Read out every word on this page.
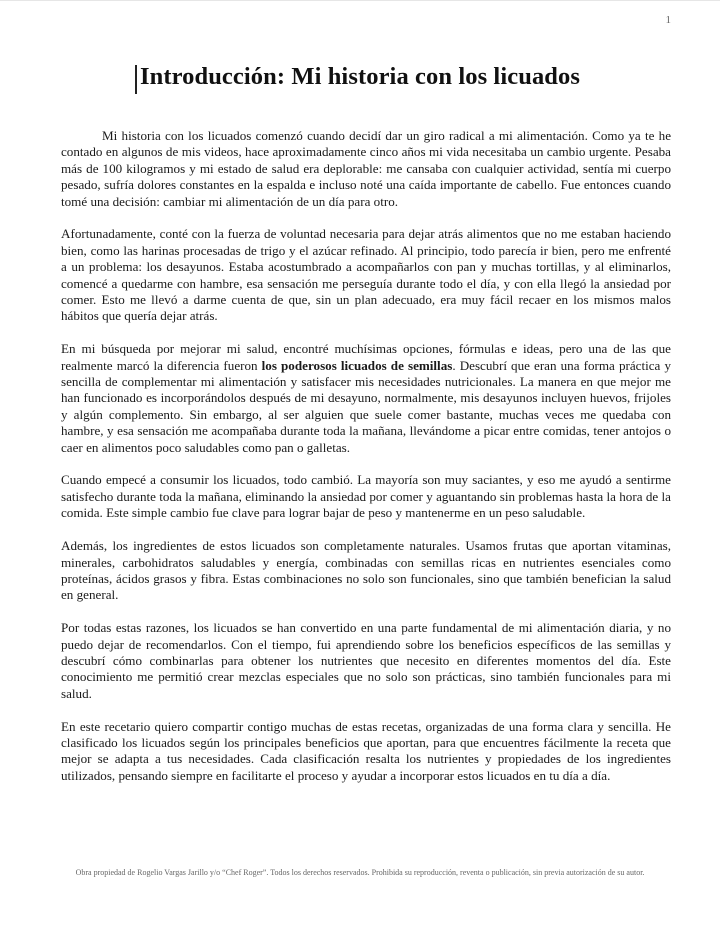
1
Introducción: Mi historia con los licuados

Mi historia con los licuados comenzó cuando decidí dar un giro radical a mi alimentación. Como ya te he contado en algunos de mis videos, hace aproximadamente cinco años mi vida necesitaba un cambio urgente. Pesaba más de 100 kilogramos y mi estado de salud era deplorable: me cansaba con cualquier actividad, sentía mi cuerpo pesado, sufría dolores constantes en la espalda e incluso noté una caída importante de cabello. Fue entonces cuando tomé una decisión: cambiar mi alimentación de un día para otro.

Afortunadamente, conté con la fuerza de voluntad necesaria para dejar atrás alimentos que no me estaban haciendo bien, como las harinas procesadas de trigo y el azúcar refinado. Al principio, todo parecía ir bien, pero me enfrenté a un problema: los desayunos. Estaba acostumbrado a acompañarlos con pan y muchas tortillas, y al eliminarlos, comencé a quedarme con hambre, esa sensación me perseguía durante todo el día, y con ella llegó la ansiedad por comer. Esto me llevó a darme cuenta de que, sin un plan adecuado, era muy fácil recaer en los mismos malos hábitos que quería dejar atrás.

En mi búsqueda por mejorar mi salud, encontré muchísimas opciones, fórmulas e ideas, pero una de las que realmente marcó la diferencia fueron los poderosos licuados de semillas. Descubrí que eran una forma práctica y sencilla de complementar mi alimentación y satisfacer mis necesidades nutricionales. La manera en que mejor me han funcionado es incorporándolos después de mi desayuno, normalmente, mis desayunos incluyen huevos, frijoles y algún complemento. Sin embargo, al ser alguien que suele comer bastante, muchas veces me quedaba con hambre, y esa sensación me acompañaba durante toda la mañana, llevándome a picar entre comidas, tener antojos o caer en alimentos poco saludables como pan o galletas.

Cuando empecé a consumir los licuados, todo cambió. La mayoría son muy saciantes, y eso me ayudó a sentirme satisfecho durante toda la mañana, eliminando la ansiedad por comer y aguantando sin problemas hasta la hora de la comida. Este simple cambio fue clave para lograr bajar de peso y mantenerme en un peso saludable.

Además, los ingredientes de estos licuados son completamente naturales. Usamos frutas que aportan vitaminas, minerales, carbohidratos saludables y energía, combinadas con semillas ricas en nutrientes esenciales como proteínas, ácidos grasos y fibra. Estas combinaciones no solo son funcionales, sino que también benefician la salud en general.

Por todas estas razones, los licuados se han convertido en una parte fundamental de mi alimentación diaria, y no puedo dejar de recomendarlos. Con el tiempo, fui aprendiendo sobre los beneficios específicos de las semillas y descubrí cómo combinarlas para obtener los nutrientes que necesito en diferentes momentos del día. Este conocimiento me permitió crear mezclas especiales que no solo son prácticas, sino también funcionales para mi salud.

En este recetario quiero compartir contigo muchas de estas recetas, organizadas de una forma clara y sencilla. He clasificado los licuados según los principales beneficios que aportan, para que encuentres fácilmente la receta que mejor se adapta a tus necesidades. Cada clasificación resalta los nutrientes y propiedades de los ingredientes utilizados, pensando siempre en facilitarte el proceso y ayudar a incorporar estos licuados en tu día a día.

Obra propiedad de Rogelio Vargas Jarillo y/o “Chef Roger”. Todos los derechos reservados. Prohibida su reproducción, reventa o publicación, sin previa autorización de su autor.
